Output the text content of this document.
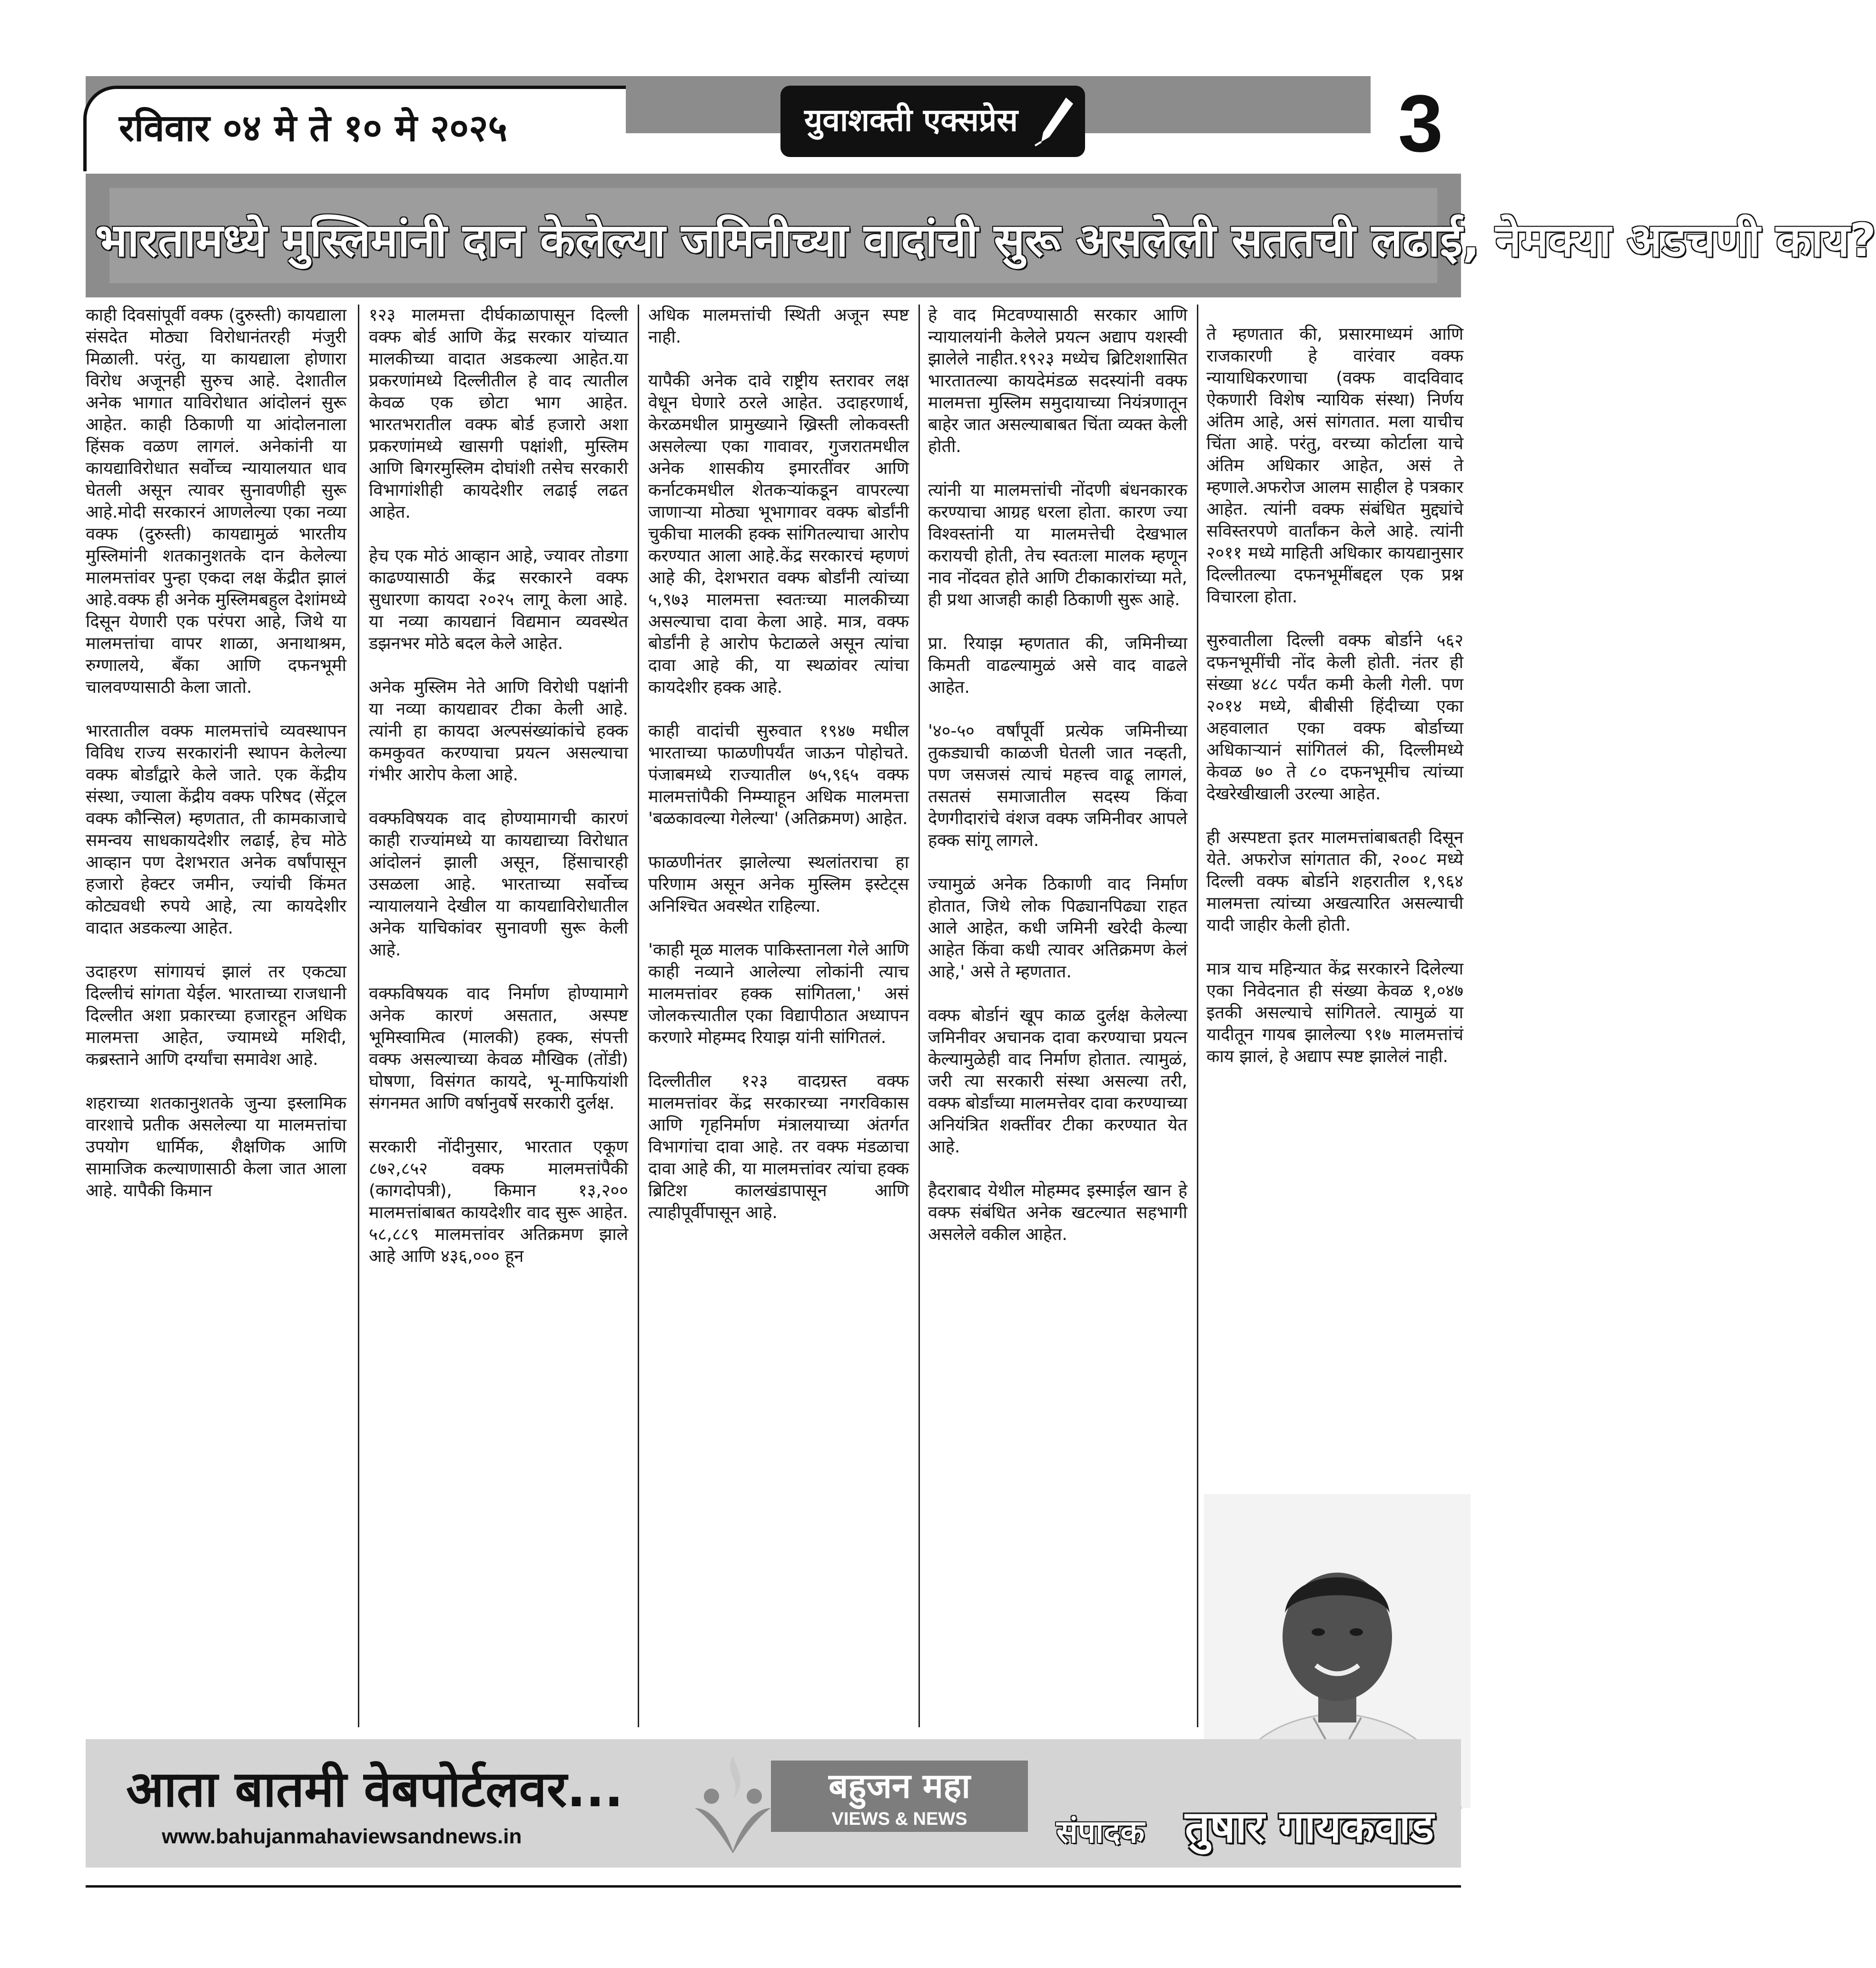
रविवार ०४ मे ते १० मे २०२५	युवाशक्ती एक्सप्रेस	3
भारतामध्ये मुस्लिमांनी दान केलेल्या जमिनीच्या वादांची सुरू असलेली सततची लढाई, नेमक्या अडचणी काय?

काही दिवसांपूर्वी वक्फ (दुरुस्ती) कायद्याला संसदेत मोठ्या विरोधानंतरही मंजुरी मिळाली. परंतु, या कायद्याला होणारा विरोध अजूनही सुरुच आहे. देशातील अनेक भागात याविरोधात आंदोलनं सुरू आहेत. काही ठिकाणी या आंदोलनाला हिंसक वळण लागलं. अनेकांनी या कायद्याविरोधात सर्वोच्च न्यायालयात धाव घेतली असून त्यावर सुनावणीही सुरू आहे.मोदी सरकारनं आणलेल्या एका नव्या वक्फ (दुरुस्ती) कायद्यामुळं भारतीय मुस्लिमांनी शतकानुशतके दान केलेल्या मालमत्तांवर पुन्हा एकदा लक्ष केंद्रीत झालं आहे.वक्फ ही अनेक मुस्लिमबहुल देशांमध्ये दिसून येणारी एक परंपरा आहे, जिथे या मालमत्तांचा वापर शाळा, अनाथाश्रम, रुग्णालये, बँका आणि दफनभूमी चालवण्यासाठी केला जातो.

भारतातील वक्फ मालमत्तांचे व्यवस्थापन विविध राज्य सरकारांनी स्थापन केलेल्या वक्फ बोर्डांद्वारे केले जाते. एक केंद्रीय संस्था, ज्याला केंद्रीय वक्फ परिषद (सेंट्रल वक्फ कौन्सिल) म्हणतात, ती कामकाजाचे समन्वय साधकायदेशीर लढाई, हेच मोठे आव्हान पण देशभरात अनेक वर्षांपासून हजारो हेक्टर जमीन, ज्यांची किंमत कोट्यवधी रुपये आहे, त्या कायदेशीर वादात अडकल्या आहेत.

उदाहरण सांगायचं झालं तर एकट्या दिल्लीचं सांगता येईल. भारताच्या राजधानी दिल्लीत अशा प्रकारच्या हजारहून अधिक मालमत्ता आहेत, ज्यामध्ये मशिदी, कब्रस्ताने आणि दर्ग्यांचा समावेश आहे.

शहराच्या शतकानुशतके जुन्या इस्लामिक वारशाचे प्रतीक असलेल्या या मालमत्तांचा उपयोग धार्मिक, शैक्षणिक आणि सामाजिक कल्याणासाठी केला जात आला आहे. यापैकी किमान

१२३ मालमत्ता दीर्घकाळापासून दिल्ली वक्फ बोर्ड आणि केंद्र सरकार यांच्यात मालकीच्या वादात अडकल्या आहेत.या प्रकरणांमध्ये दिल्लीतील हे वाद त्यातील केवळ एक छोटा भाग आहेत. भारतभरातील वक्फ बोर्ड हजारो अशा प्रकरणांमध्ये खासगी पक्षांशी, मुस्लिम आणि बिगरमुस्लिम दोघांशी तसेच सरकारी विभागांशीही कायदेशीर लढाई लढत आहेत.

हेच एक मोठं आव्हान आहे, ज्यावर तोडगा काढण्यासाठी केंद्र सरकारने वक्फ सुधारणा कायदा २०२५ लागू केला आहे. या नव्या कायद्यानं विद्यमान व्यवस्थेत डझनभर मोठे बदल केले आहेत.

अनेक मुस्लिम नेते आणि विरोधी पक्षांनी या नव्या कायद्यावर टीका केली आहे. त्यांनी हा कायदा अल्पसंख्यांकांचे हक्क कमकुवत करण्याचा प्रयत्न असल्याचा गंभीर आरोप केला आहे.

वक्फविषयक वाद होण्यामागची कारणं काही राज्यांमध्ये या कायद्याच्या विरोधात आंदोलनं झाली असून, हिंसाचारही उसळला आहे. भारताच्या सर्वोच्च न्यायालयाने देखील या कायद्याविरोधातील अनेक याचिकांवर सुनावणी सुरू केली आहे.

वक्फविषयक वाद निर्माण होण्यामागे अनेक कारणं असतात, अस्पष्ट भूमिस्वामित्व (मालकी) हक्क, संपत्ती वक्फ असल्याच्या केवळ मौखिक (तोंडी) घोषणा, विसंगत कायदे, भू-माफियांशी संगनमत आणि वर्षानुवर्षे सरकारी दुर्लक्ष.

सरकारी नोंदीनुसार, भारतात एकूण ८७२,८५२ वक्फ मालमत्तांपैकी (कागदोपत्री), किमान १३,२०० मालमत्तांबाबत कायदेशीर वाद सुरू आहेत. ५८,८८९ मालमत्तांवर अतिक्रमण झाले आहे आणि ४३६,००० हून

अधिक मालमत्तांची स्थिती अजून स्पष्ट नाही.

यापैकी अनेक दावे राष्ट्रीय स्तरावर लक्ष वेधून घेणारे ठरले आहेत. उदाहरणार्थ, केरळमधील प्रामुख्याने ख्रिस्ती लोकवस्ती असलेल्या एका गावावर, गुजरातमधील अनेक शासकीय इमारतींवर आणि कर्नाटकमधील शेतकऱ्यांकडून वापरल्या जाणाऱ्या मोठ्या भूभागावर वक्फ बोर्डांनी चुकीचा मालकी हक्क सांगितल्याचा आरोप करण्यात आला आहे.केंद्र सरकारचं म्हणणं आहे की, देशभरात वक्फ बोर्डांनी त्यांच्या ५,९७३ मालमत्ता स्वतःच्या मालकीच्या असल्याचा दावा केला आहे. मात्र, वक्फ बोर्डांनी हे आरोप फेटाळले असून त्यांचा दावा आहे की, या स्थळांवर त्यांचा कायदेशीर हक्क आहे.

काही वादांची सुरुवात १९४७ मधील भारताच्या फाळणीपर्यंत जाऊन पोहोचते. पंजाबमध्ये राज्यातील ७५,९६५ वक्फ मालमत्तांपैकी निम्म्याहून अधिक मालमत्ता 'बळकावल्या गेलेल्या' (अतिक्रमण) आहेत.

फाळणीनंतर झालेल्या स्थलांतराचा हा परिणाम असून अनेक मुस्लिम इस्टेट्स अनिश्चित अवस्थेत राहिल्या.

'काही मूळ मालक पाकिस्तानला गेले आणि काही नव्याने आलेल्या लोकांनी त्याच मालमत्तांवर हक्क सांगितला,' असं जोलकत्त्यातील एका विद्यापीठात अध्यापन करणारे मोहम्मद रियाझ यांनी सांगितलं.

दिल्लीतील १२३ वादग्रस्त वक्फ मालमत्तांवर केंद्र सरकारच्या नगरविकास आणि गृहनिर्माण मंत्रालयाच्या अंतर्गत विभागांचा दावा आहे. तर वक्फ मंडळाचा दावा आहे की, या मालमत्तांवर त्यांचा हक्क ब्रिटिश कालखंडापासून आणि त्याहीपूर्वीपासून आहे.

हे वाद मिटवण्यासाठी सरकार आणि न्यायालयांनी केलेले प्रयत्न अद्याप यशस्वी झालेले नाहीत.१९२३ मध्येच ब्रिटिशशासित भारतातल्या कायदेमंडळ सदस्यांनी वक्फ मालमत्ता मुस्लिम समुदायाच्या नियंत्रणातून बाहेर जात असल्याबाबत चिंता व्यक्त केली होती.

त्यांनी या मालमत्तांची नोंदणी बंधनकारक करण्याचा आग्रह धरला होता. कारण ज्या विश्वस्तांनी या मालमत्तेची देखभाल करायची होती, तेच स्वतःला मालक म्हणून नाव नोंदवत होते आणि टीकाकारांच्या मते, ही प्रथा आजही काही ठिकाणी सुरू आहे.

प्रा. रियाझ म्हणतात की, जमिनीच्या किमती वाढल्यामुळं असे वाद वाढले आहेत.

'४०-५० वर्षांपूर्वी प्रत्येक जमिनीच्या तुकड्याची काळजी घेतली जात नव्हती, पण जसजसं त्याचं महत्त्व वाढू लागलं, तसतसं समाजातील सदस्य किंवा देणगीदारांचे वंशज वक्फ जमिनीवर आपले हक्क सांगू लागले.

ज्यामुळं अनेक ठिकाणी वाद निर्माण होतात, जिथे लोक पिढ्यानपिढ्या राहत आले आहेत, कधी जमिनी खरेदी केल्या आहेत किंवा कधी त्यावर अतिक्रमण केलं आहे,' असे ते म्हणतात.

वक्फ बोर्डानं खूप काळ दुर्लक्ष केलेल्या जमिनीवर अचानक दावा करण्याचा प्रयत्न केल्यामुळेही वाद निर्माण होतात. त्यामुळं, जरी त्या सरकारी संस्था असल्या तरी, वक्फ बोर्डांच्या मालमत्तेवर दावा करण्याच्या अनियंत्रित शक्तींवर टीका करण्यात येत आहे.

हैदराबाद येथील मोहम्मद इस्माईल खान हे वक्फ संबंधित अनेक खटल्यात सहभागी असलेले वकील आहेत.

ते म्हणतात की, प्रसारमाध्यमं आणि राजकारणी हे वारंवार वक्फ न्यायाधिकरणाचा (वक्फ वादविवाद ऐकणारी विशेष न्यायिक संस्था) निर्णय अंतिम आहे, असं सांगतात. मला याचीच चिंता आहे. परंतु, वरच्या कोर्टाला याचे अंतिम अधिकार आहेत, असं ते म्हणाले.अफरोज आलम साहील हे पत्रकार आहेत. त्यांनी वक्फ संबंधित मुद्द्यांचे सविस्तरपणे वार्तांकन केले आहे. त्यांनी २०११ मध्ये माहिती अधिकार कायद्यानुसार दिल्लीतल्या दफनभूमींबद्दल एक प्रश्न विचारला होता.

सुरुवातीला दिल्ली वक्फ बोर्डाने ५६२ दफनभूमींची नोंद केली होती. नंतर ही संख्या ४८८ पर्यंत कमी केली गेली. पण २०१४ मध्ये, बीबीसी हिंदीच्या एका अहवालात एका वक्फ बोर्डाच्या अधिकाऱ्यानं सांगितलं की, दिल्लीमध्ये केवळ ७० ते ८० दफनभूमीच त्यांच्या देखरेखीखाली उरल्या आहेत.

ही अस्पष्टता इतर मालमत्तांबाबतही दिसून येते. अफरोज सांगतात की, २००८ मध्ये दिल्ली वक्फ बोर्डाने शहरातील १,९६४ मालमत्ता त्यांच्या अखत्यारित असल्याची यादी जाहीर केली होती.

मात्र याच महिन्यात केंद्र सरकारने दिलेल्या एका निवेदनात ही संख्या केवळ १,०४७ इतकी असल्याचे सांगितले. त्यामुळं या यादीतून गायब झालेल्या ९१७ मालमत्तांचं काय झालं, हे अद्याप स्पष्ट झालेलं नाही.

आता बातमी वेबपोर्टलवर...
www.bahujanmahaviewsandnews.in
बहुजन महा
VIEWS & NEWS	संपादक तुषार गायकवाड
